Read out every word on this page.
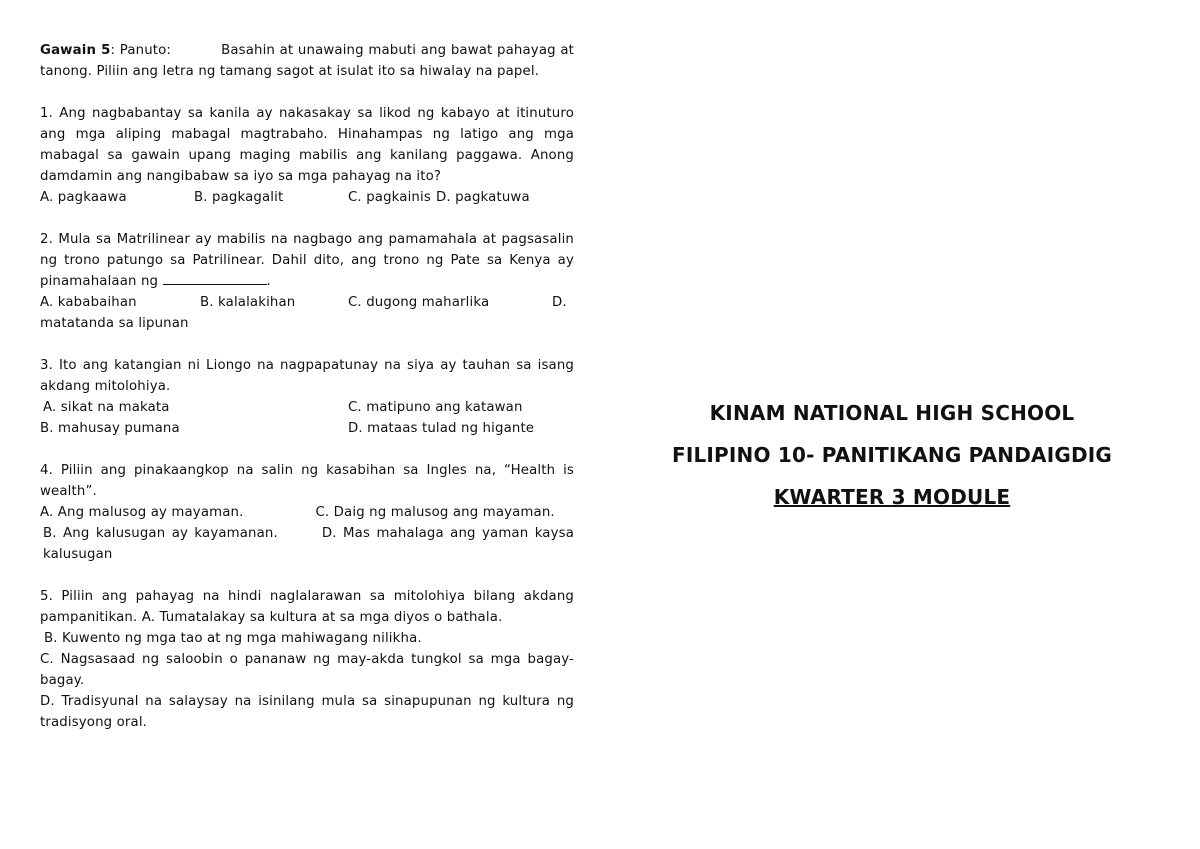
Gawain 5: Panuto:	Basahin at unawaing mabuti ang bawat pahayag at tanong. Piliin ang letra ng tamang sagot at isulat ito sa hiwalay na papel.

1. Ang nagbabantay sa kanila ay nakasakay sa likod ng kabayo at itinuturo ang mga aliping mabagal magtrabaho. Hinahampas ng latigo ang mga mabagal sa gawain upang maging mabilis ang kanilang paggawa. Anong damdamin ang nangibabaw sa iyo sa mga pahayag na ito?

A. pagkaawa	B. pagkagalit	C. pagkainis D. pagkatuwa

2. Mula sa Matrilinear ay mabilis na nagbago ang pamamahala at pagsasalin ng trono patungo sa Patrilinear. Dahil dito, ang trono ng Pate sa Kenya ay pinamahalaan ng	.

A. kababaihan	B. kalalakihan	C. dugong maharlika	D.

matatanda sa lipunan

3. Ito ang katangian ni Liongo na nagpapatunay na siya ay tauhan sa isang akdang mitolohiya.

A. sikat na makata	C. matipuno ang katawan
B. mahusay pumana	D. mataas tulad ng higante

4. Piliin ang pinakaangkop na salin ng kasabihan sa Ingles na, “Health is wealth”.

A. Ang malusog ay mayaman.	C. Daig ng malusog ang mayaman.

B. Ang kalusugan ay kayamanan.	D. Mas mahalaga ang yaman kaysa kalusugan

5. Piliin ang pahayag na hindi naglalarawan sa mitolohiya bilang akdang pampanitikan. A. Tumatalakay sa kultura at sa mga diyos o bathala.

B. Kuwento ng mga tao at ng mga mahiwagang nilikha.

C. Nagsasaad ng saloobin o pananaw ng may-akda tungkol sa mga bagay-bagay.

D. Tradisyunal na salaysay na isinilang mula sa sinapupunan ng kultura ng tradisyong oral.

KINAM NATIONAL HIGH SCHOOL
FILIPINO 10- PANITIKANG PANDAIGDIG
KWARTER 3 MODULE
